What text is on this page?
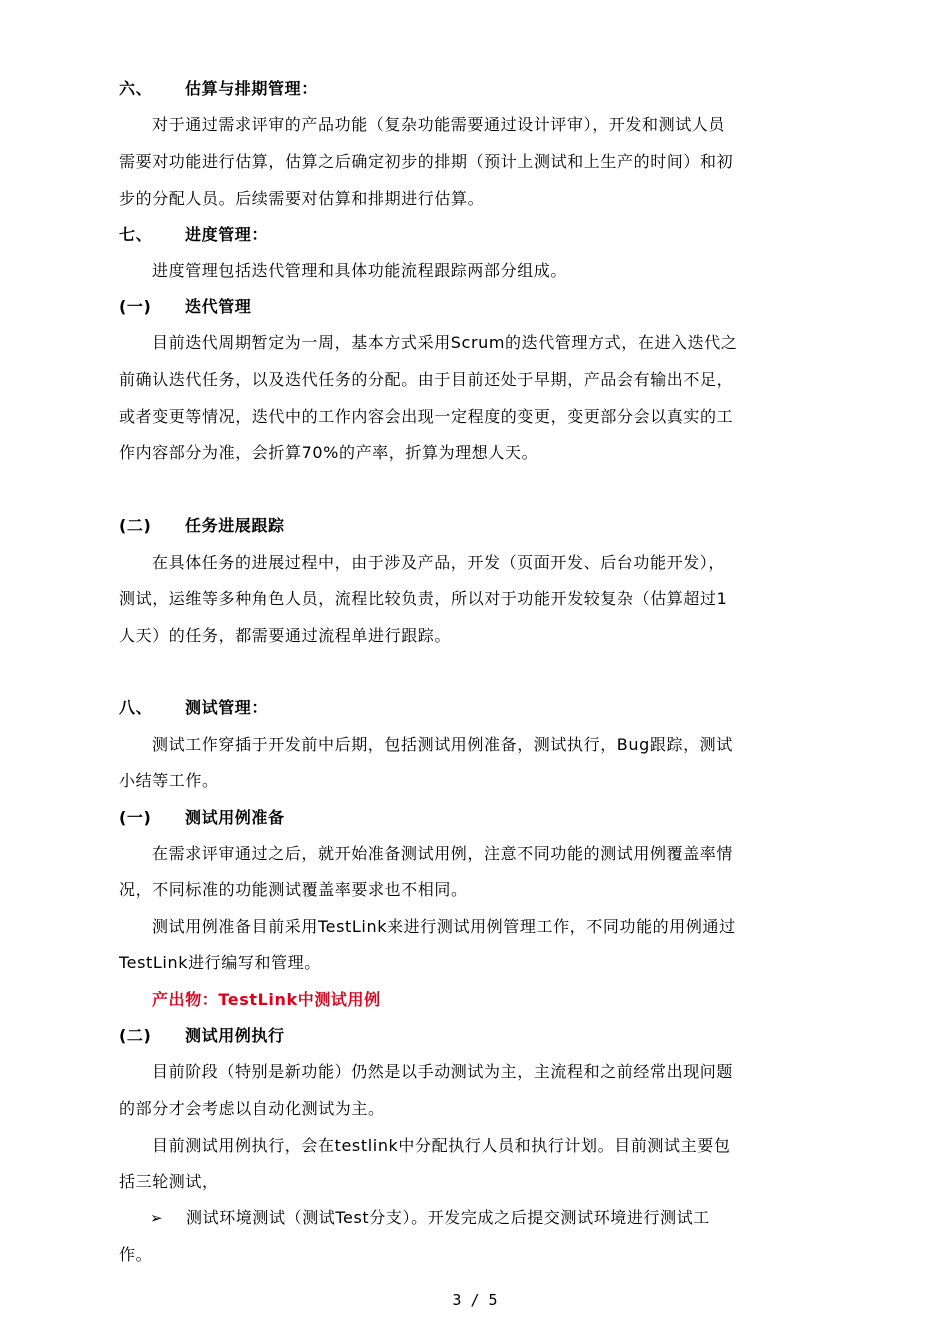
六、 估算与排期管理：
对于通过需求评审的产品功能（复杂功能需要通过设计评审），开发和测试人员
需要对功能进行估算，估算之后确定初步的排期（预计上测试和上生产的时间）和初
步的分配人员。后续需要对估算和排期进行估算。
七、 进度管理：
进度管理包括迭代管理和具体功能流程跟踪两部分组成。
(一) 迭代管理
目前迭代周期暂定为一周，基本方式采用Scrum的迭代管理方式，在进入迭代之
前确认迭代任务，以及迭代任务的分配。由于目前还处于早期，产品会有输出不足，
或者变更等情况，迭代中的工作内容会出现一定程度的变更，变更部分会以真实的工
作内容部分为准，会折算70%的产率，折算为理想人天。
(二) 任务进展跟踪
在具体任务的进展过程中，由于涉及产品，开发（页面开发、后台功能开发），
测试，运维等多种角色人员，流程比较负责，所以对于功能开发较复杂（估算超过1
人天）的任务，都需要通过流程单进行跟踪。
八、 测试管理：
测试工作穿插于开发前中后期，包括测试用例准备，测试执行，Bug跟踪，测试
小结等工作。
(一) 测试用例准备
在需求评审通过之后，就开始准备测试用例，注意不同功能的测试用例覆盖率情
况，不同标准的功能测试覆盖率要求也不相同。
测试用例准备目前采用TestLink来进行测试用例管理工作，不同功能的用例通过
TestLink进行编写和管理。
产出物：TestLink中测试用例
(二) 测试用例执行
目前阶段（特别是新功能）仍然是以手动测试为主，主流程和之前经常出现问题
的部分才会考虑以自动化测试为主。
目前测试用例执行，会在testlink中分配执行人员和执行计划。目前测试主要包
括三轮测试，
➢ 测试环境测试（测试Test分支）。开发完成之后提交测试环境进行测试工
作。
3 / 5
